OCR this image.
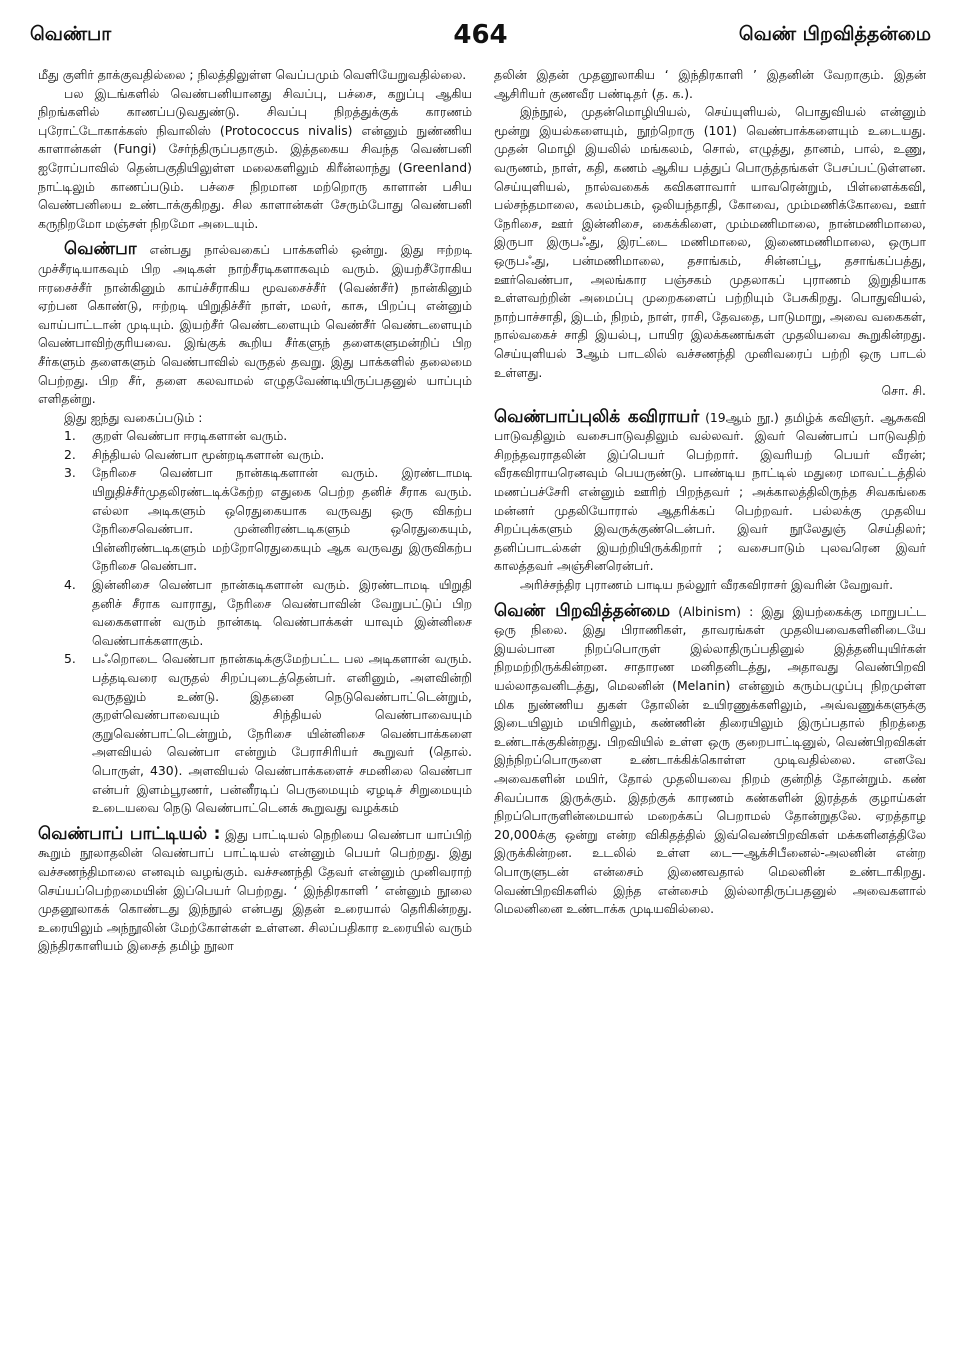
வெண்பா	464	வெண் பிறவித்தன்மை

மீது குளிர் தாக்குவதில்லை ; நிலத்திலுள்ள வெப்பமும் வெளியேறுவதில்லை.

பல இடங்களில் வெண்பனியானது சிவப்பு, பச்சை, கறுப்பு ஆகிய நிறங்களில் காணப்படுவதுண்டு. சிவப்பு நிறத்துக்குக் காரணம் புரோட்டோகாக்கஸ் நிவாலிஸ் (Protococcus nivalis) என்னும் நுண்ணிய காளான்கள் (Fungi) சேர்ந்திருப்பதாகும். இத்தகைய சிவந்த வெண்பனி ஐரோப்பாவில் தென்பகுதியிலுள்ள மலைகளிலும் கிரீன்லாந்து (Greenland) நாட்டிலும் காணப்படும். பச்சை நிறமான மற்றொரு காளான் பசிய வெண்பனியை உண்டாக்குகிறது. சில காளான்கள் சேரும்போது வெண்பனி கருநிறமோ மஞ்சள் நிறமோ அடையும்.

வெண்பா என்பது நால்வகைப் பாக்களில் ஒன்று. இது ஈற்றடி முச்சீரடியாகவும் பிற அடிகள் நாற்சீரடிகளாகவும் வரும். இயற்சீரோகிய ஈரசைச்சீர் நான்கினும் காய்ச்சீராகிய மூவசைச்சீர் (வெண்சீர்) நான்கினும் ஏற்பன கொண்டு, ஈற்றடி யிறுதிச்சீர் நாள், மலர், காசு, பிறப்பு என்னும் வாய்பாட்டான் முடியும். இயற்சீர் வெண்டளையும் வெண்சீர் வெண்டளையும் வெண்பாவிற்குரியவை. இங்குக் கூறிய சீர்களுந் தளைகளுமன்றிப் பிற சீர்களும் தளைகளும் வெண்பாவில் வருதல் தவறு. இது பாக்களில் தலைமை பெற்றது. பிற சீர், தளை கலவாமல் எழுதவேண்டியிருப்பதனுல் யாப்பும் எளிதன்று.

இது ஐந்து வகைப்படும் :

1.	குறள் வெண்பா ஈரடிகளான் வரும்.
2.	சிந்தியல் வெண்பா மூன்றடிகளான் வரும்.
3.	நேரிசை வெண்பா நான்கடிகளான் வரும். இரண்டாமடி யிறுதிச்சீர்முதலிரண்டடிக்கேற்ற எதுகை பெற்ற தனிச் சீராக வரும். எல்லா அடிகளும் ஒரெதுகையாக வருவது ஒரு விகற்ப நேரிசைவெண்பா. முன்னிரண்டடிகளும் ஒரெதுகையும், பின்னிரண்டடிகளும் மற்றோரெதுகையும் ஆக வருவது இருவிகற்ப நேரிசை வெண்பா.
4.	இன்னிசை வெண்பா நான்கடிகளான் வரும். இரண்டாமடி யிறுதி தனிச் சீராக வாராது, நேரிசை வெண்பாவின் வேறுபட்டுப் பிற வகைகளான் வரும் நான்கடி வெண்பாக்கள் யாவும் இன்னிசை வெண்பாக்களாகும்.
5.	பஃறொடை வெண்பா நான்கடிக்குமேற்பட்ட பல அடிகளான் வரும். பத்தடிவரை வருதல் சிறப்புடைத்தென்பர். எனினும், அளவின்றி வருதலும் உண்டு. இதனை நெடுவெண்பாட்டென்றும், குறள்வெண்பாவையும் சிந்தியல் வெண்பாவையும் குறுவெண்பாட்டென்றும், நேரிசை யின்னிசை வெண்பாக்களை அளவியல் வெண்பா என்றும் பேராசிரியர் கூறுவர் (தொல். பொருள், 430). அளவியல் வெண்பாக்களைச் சமனிலை வெண்பா என்பர் இளம்பூரணர், பன்னீரடிப் பெருமையும் ஏழடிச் சிறுமையும் உடையவை நெடு வெண்பாட்டெனக் கூறுவது வழக்கம்

வெண்பாப் பாட்டியல் : இது பாட்டியல் நெறியை வெண்பா யாப்பிற் கூறும் நூலாதலின் வெண்பாப் பாட்டியல் என்னும் பெயர் பெற்றது. இது வச்சணந்திமாலை எனவும் வழங்கும். வச்சணந்தி தேவர் என்னும் முனிவராற் செய்யப்பெற்றமையின் இப்பெயர் பெற்றது. ‘ இந்திரகாளி ’ என்னும் நூலை முதனூலாகக் கொண்டது இந்நூல் என்பது இதன் உரையால் தெரிகின்றது. உரையிலும் அந்நூலின் மேற்கோள்கள் உள்ளன. சிலப்பதிகார உரையில் வரும் இந்திரகாளியம் இசைத் தமிழ் நூலா

தலின் இதன் முதனூலாகிய ‘ இந்திரகாளி ’ இதனின் வேறாகும். இதன் ஆசிரியர் குணவீர பண்டிதர் (த. க.).

இந்நூல், முதன்மொழியியல், செய்யுளியல், பொதுவியல் என்னும் மூன்று இயல்களையும், நூற்றொரு (101) வெண்பாக்களையும் உடையது. முதன் மொழி இயலில் மங்கலம், சொல், எழுத்து, தானம், பால், உணு, வருணம், நாள், கதி, கணம் ஆகிய பத்துப் பொருத்தங்கள் பேசப்பட்டுள்ளன. செய்யுளியல், நால்வகைக் கவிகளாவார் யாவரென்றும், பிள்ளைக்கவி, பல்சந்தமாலை, கலம்பகம், ஒலியந்தாதி, கோவை, மும்மணிக்கோவை, ஊர் நேரிசை, ஊர் இன்னிசை, கைக்கிளை, மும்மணிமாலை, நான்மணிமாலை, இருபா இருபஃது, இரட்டை மணிமாலை, இணைமணிமாலை, ஒருபா ஒருபஃது, பன்மணிமாலை, தசாங்கம், சின்னப்பூ, தசாங்கப்பத்து, ஊர்வெண்பா, அலங்கார பஞ்சகம் முதலாகப் புராணம் இறுதியாக உள்ளவற்றின் அமைப்பு முறைகளைப் பற்றியும் பேசுகிறது. பொதுவியல், நாற்பாச்சாதி, இடம், நிறம், நாள், ராசி, தேவதை, பாடுமாறு, அவை வகைகள், நால்வகைச் சாதி இயல்பு, பாயிர இலக்கணங்கள் முதலியவை கூறுகின்றது. செய்யுளியல் 3ஆம் பாடலில் வச்சணந்தி முனிவரைப் பற்றி ஒரு பாடல் உள்ளது.

சொ. சி.

வெண்பாப்புலிக் கவிராயர் (19ஆம் நூ.) தமிழ்க் கவிஞர். ஆசுகவி பாடுவதிலும் வசைபாடுவதிலும் வல்லவர். இவர் வெண்பாப் பாடுவதிற் சிறந்தவராதலின் இப்பெயர் பெற்றார். இவரியற் பெயர் வீரன்; வீரகவிராயரெனவும் பெயருண்டு. பாண்டிய நாட்டில் மதுரை மாவட்டத்தில் மணப்பச்சேரி என்னும் ஊரிற் பிறந்தவர் ; அக்காலத்திலிருந்த சிவகங்கை மன்னர் முதலியோரால் ஆதரிக்கப் பெற்றவர். பல்லக்கு முதலிய சிறப்புக்களும் இவருக்குண்டென்பர். இவர் நூலேதுஞ் செய்திலர்; தனிப்பாடல்கள் இயற்றியிருக்கிறார் ; வசைபாடும் புலவரென இவர் காலத்தவர் அஞ்சினரென்பர்.

அரிச்சந்திர புராணம் பாடிய நல்லூர் வீரகவிராசர் இவரின் வேறுவர்.

வெண் பிறவித்தன்மை (Albinism) : இது இயற்கைக்கு மாறுபட்ட ஒரு நிலை. இது பிராணிகள், தாவரங்கள் முதலியவைகளினிடையே இயல்பான நிறப்பொருள் இல்லாதிருப்பதினுல் இத்தனியுயிர்கள் நிறமற்றிருக்கின்றன. சாதாரண மனிதனிடத்து, அதாவது வெண்பிறவி யல்லாதவனிடத்து, மெலனின் (Melanin) என்னும் கரும்பழுப்பு நிறமுள்ள மிக நுண்ணிய துகள் தோலின் உயிரணுக்களிலும், அவ்வணுக்களுக்கு இடையிலும் மயிரிலும், கண்ணின் திரையிலும் இருப்பதால் நிறத்தை உண்டாக்குகின்றது. பிறவியில் உள்ள ஒரு குறைபாட்டினுல், வெண்பிறவிகள் இந்நிறப்பொருளை உண்டாக்கிக்கொள்ள முடிவதில்லை. எனவே அவைகளின் மயிர், தோல் முதலியவை நிறம் குன்றித் தோன்றும். கண் சிவப்பாக இருக்கும். இதற்குக் காரணம் கண்களின் இரத்தக் குழாய்கள் நிறப்பொருளின்மையால் மறைக்கப் பெறாமல் தோன்றுதலே. ஏறத்தாழ 20,000க்கு ஒன்று என்ற விகிதத்தில் இவ்வெண்பிறவிகள் மக்களினத்திலே இருக்கின்றன. உடலில் உள்ள டை—ஆக்சிபீனைல்-அலனின் என்ற பொருளுடன் என்சைம் இணைவதால் மெலனின் உண்டாகிறது. வெண்பிறவிகளில் இந்த என்சைம் இல்லாதிருப்பதனுல் அவைகளால் மெலனினை உண்டாக்க முடியவில்லை.
